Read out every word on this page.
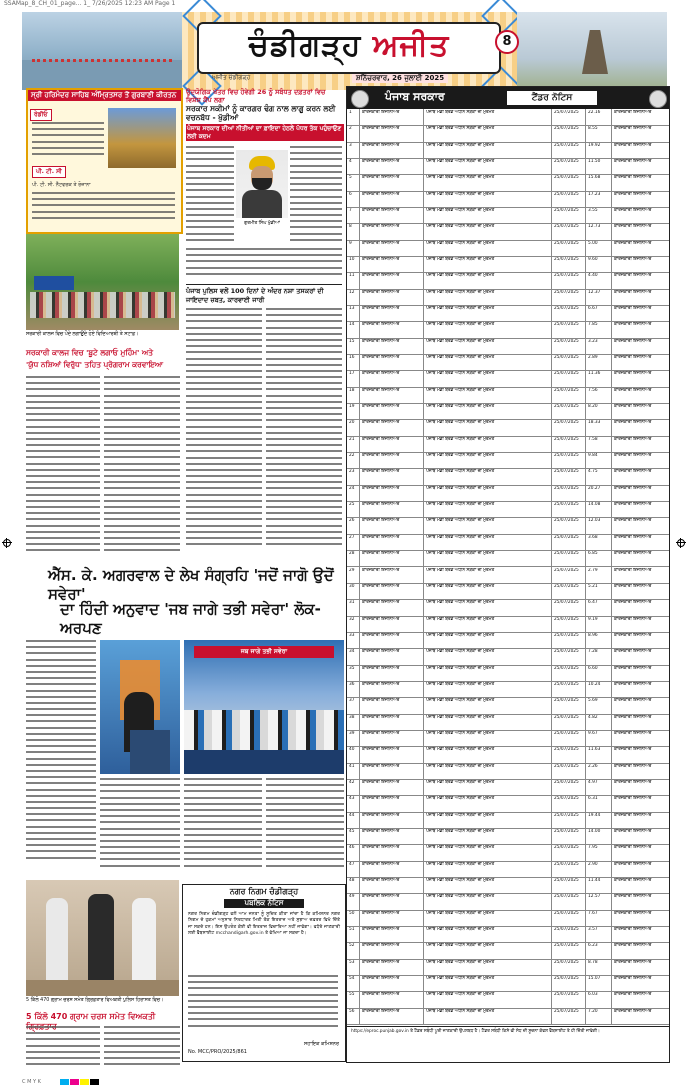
SSAMap_8_CH_01_page... 1_ 7/26/2025 12:23 AM Page 1
ਚੰਡੀਗੜ੍ਹ ਅਜੀਤ
ਅਜੀਤ ਚੰਡੀਗੜ੍ਹ	ਸ਼ਨਿੱਚਰਵਾਰ, 26 ਜੁਲਾਈ 2025
8
ਸ੍ਰੀ ਹਰਿਮੰਦਰ ਸਾਹਿਬ ਅੰਮ੍ਰਿਤਸਰ ਤੋਂ ਗੁਰਬਾਣੀ ਕੀਰਤਨ
ਰੇਡੀਓ
ਪੀ. ਟੀ. ਸੀ
ਪੀ. ਟੀ. ਸੀ. ਨੈੱਟਵਰਕ ਤੇ ਰੋਜ਼ਾਨਾ
ਉਦਯੋਗਿਕ ਖੇਤਰ ਵਿਚ ਹੋਵੇਗੀ 26 ਨੂੰ ਸਬੰਧਤ ਦਫ਼ਤਰਾਂ ਵਿਚ ਵਿਸ਼ੇਸ਼ ਕੈਂਪ ਲਗਾ
ਸਰਕਾਰ ਸਕੀਮਾਂ ਨੂੰ ਕਾਰਗਰ ਢੰਗ ਨਾਲ ਲਾਗੂ ਕਰਨ ਲਈ ਵਚਨਬੱਧ - ਖੁੱਡੀਆਂ
ਪੰਜਾਬ ਸਰਕਾਰ ਦੀਆਂ ਨੀਤੀਆਂ ਦਾ ਫ਼ਾਇਦਾ ਹੇਠਲੇ ਪੱਧਰ ਤੱਕ ਪਹੁੰਚਾਉਣ ਲਈ ਕਦਮ
ਗੁਰਮੀਤ ਸਿੰਘ ਖੁੱਡੀਆਂ
ਪੰਜਾਬ ਪੁਲਿਸ ਵਲੋਂ 100 ਦਿਨਾਂ ਦੇ ਅੰਦਰ ਨਸ਼ਾ ਤਸਕਰਾਂ ਦੀ ਜਾਇਦਾਦ ਜ਼ਬਤ, ਕਾਰਵਾਈ ਜਾਰੀ
ਸਰਕਾਰੀ ਕਾਲਜ ਵਿਚ ਪੌਦੇ ਲਗਾਉਂਦੇ ਹੋਏ ਵਿਦਿਆਰਥੀ ਤੇ ਸਟਾਫ਼।
ਸਰਕਾਰੀ ਕਾਲਜ ਵਿਚ 'ਬੂਟੇ ਲਗਾਓ ਮੁਹਿੰਮ' ਅਤੇ
'ਯੁੱਧ ਨਸ਼ਿਆਂ ਵਿਰੁੱਧ' ਤਹਿਤ ਪ੍ਰੋਗਰਾਮ ਕਰਵਾਇਆ
ਐੱਸ. ਕੇ. ਅਗਰਵਾਲ ਦੇ ਲੇਖ ਸੰਗ੍ਰਹਿ 'ਜਦੋਂ ਜਾਗੋ ਉਦੋਂ ਸਵੇਰਾ'
ਦਾ ਹਿੰਦੀ ਅਨੁਵਾਦ 'ਜਬ ਜਾਗੇ ਤਭੀ ਸਵੇਰਾ' ਲੋਕ-ਅਰਪਣ
ਜਬ ਜਾਗੇ ਤਭੀ ਸਵੇਰਾ
5 ਕਿੱਲੋ 470 ਗ੍ਰਾਮ ਚਰਸ ਸਮੇਤ ਗ੍ਰਿਫ਼ਤਾਰ ਵਿਅਕਤੀ ਪੁਲਿਸ ਹਿਰਾਸਤ ਵਿਚ।
5 ਕਿੱਲੋ 470 ਗ੍ਰਾਮ ਚਰਸ ਸਮੇਤ ਵਿਅਕਤੀ
ਨਗਰ ਨਿਗਮ ਚੰਡੀਗੜ੍ਹ
ਪਬਲਿਕ ਨੋਟਿਸ
ਨਗਰ ਨਿਗਮ ਚੰਡੀਗੜ੍ਹ ਵਲੋਂ ਆਮ ਜਨਤਾ ਨੂੰ ਸੂਚਿਤ ਕੀਤਾ ਜਾਂਦਾ ਹੈ ਕਿ ਕਮਿਸ਼ਨਰ ਨਗਰ ਨਿਗਮ ਦੇ ਹੁਕਮਾਂ ਅਨੁਸਾਰ ਨਿਰਧਾਰਤ ਮਿਤੀ ਤੱਕ ਇਤਰਾਜ਼ ਅਤੇ ਸੁਝਾਅ ਦਫ਼ਤਰ ਵਿਖੇ ਦਿੱਤੇ ਜਾ ਸਕਦੇ ਹਨ। ਇਸ ਉਪਰੰਤ ਕੋਈ ਵੀ ਇਤਰਾਜ਼ ਵਿਚਾਰਿਆ ਨਹੀਂ ਜਾਵੇਗਾ। ਵਧੇਰੇ ਜਾਣਕਾਰੀ ਲਈ ਵੈੱਬਸਾਈਟ mcchandigarh.gov.in ਤੇ ਵੇਖਿਆ ਜਾ ਸਕਦਾ ਹੈ।
No. MCC/PRO/2025/861
ਸਹਾਇਕ ਕਮਿਸ਼ਨਰ
ਪੰਜਾਬ ਸਰਕਾਰ	ਟੈਂਡਰ ਨੋਟਿਸ
1	ਕਾਰਜਕਾਰੀ ਇੰਜੀਨੀਅਰ	ਪੰਜਾਬ ਮੰਡੀ ਬੋਰਡ ਅਧੀਨ ਸੜਕਾਂ ਦੀ ਮੁਰੰਮਤ	25/07/2025	22.16	ਕਾਰਜਕਾਰੀ ਇੰਜੀਨੀਅਰ
2	ਕਾਰਜਕਾਰੀ ਇੰਜੀਨੀਅਰ	ਪੰਜਾਬ ਮੰਡੀ ਬੋਰਡ ਅਧੀਨ ਸੜਕਾਂ ਦੀ ਮੁਰੰਮਤ	25/07/2025	8.55	ਕਾਰਜਕਾਰੀ ਇੰਜੀਨੀਅਰ
3	ਕਾਰਜਕਾਰੀ ਇੰਜੀਨੀਅਰ	ਪੰਜਾਬ ਮੰਡੀ ਬੋਰਡ ਅਧੀਨ ਸੜਕਾਂ ਦੀ ਮੁਰੰਮਤ	25/07/2025	19.92	ਕਾਰਜਕਾਰੀ ਇੰਜੀਨੀਅਰ
4	ਕਾਰਜਕਾਰੀ ਇੰਜੀਨੀਅਰ	ਪੰਜਾਬ ਮੰਡੀ ਬੋਰਡ ਅਧੀਨ ਸੜਕਾਂ ਦੀ ਮੁਰੰਮਤ	25/07/2025	11.50	ਕਾਰਜਕਾਰੀ ਇੰਜੀਨੀਅਰ
5	ਕਾਰਜਕਾਰੀ ਇੰਜੀਨੀਅਰ	ਪੰਜਾਬ ਮੰਡੀ ਬੋਰਡ ਅਧੀਨ ਸੜਕਾਂ ਦੀ ਮੁਰੰਮਤ	25/07/2025	15.68	ਕਾਰਜਕਾਰੀ ਇੰਜੀਨੀਅਰ
6	ਕਾਰਜਕਾਰੀ ਇੰਜੀਨੀਅਰ	ਪੰਜਾਬ ਮੰਡੀ ਬੋਰਡ ਅਧੀਨ ਸੜਕਾਂ ਦੀ ਮੁਰੰਮਤ	25/07/2025	17.23	ਕਾਰਜਕਾਰੀ ਇੰਜੀਨੀਅਰ
7	ਕਾਰਜਕਾਰੀ ਇੰਜੀਨੀਅਰ	ਪੰਜਾਬ ਮੰਡੀ ਬੋਰਡ ਅਧੀਨ ਸੜਕਾਂ ਦੀ ਮੁਰੰਮਤ	25/07/2025	3.55	ਕਾਰਜਕਾਰੀ ਇੰਜੀਨੀਅਰ
8	ਕਾਰਜਕਾਰੀ ਇੰਜੀਨੀਅਰ	ਪੰਜਾਬ ਮੰਡੀ ਬੋਰਡ ਅਧੀਨ ਸੜਕਾਂ ਦੀ ਮੁਰੰਮਤ	25/07/2025	12.73	ਕਾਰਜਕਾਰੀ ਇੰਜੀਨੀਅਰ
9	ਕਾਰਜਕਾਰੀ ਇੰਜੀਨੀਅਰ	ਪੰਜਾਬ ਮੰਡੀ ਬੋਰਡ ਅਧੀਨ ਸੜਕਾਂ ਦੀ ਮੁਰੰਮਤ	25/07/2025	5.00	ਕਾਰਜਕਾਰੀ ਇੰਜੀਨੀਅਰ
10	ਕਾਰਜਕਾਰੀ ਇੰਜੀਨੀਅਰ	ਪੰਜਾਬ ਮੰਡੀ ਬੋਰਡ ਅਧੀਨ ਸੜਕਾਂ ਦੀ ਮੁਰੰਮਤ	25/07/2025	9.60	ਕਾਰਜਕਾਰੀ ਇੰਜੀਨੀਅਰ
11	ਕਾਰਜਕਾਰੀ ਇੰਜੀਨੀਅਰ	ਪੰਜਾਬ ਮੰਡੀ ਬੋਰਡ ਅਧੀਨ ਸੜਕਾਂ ਦੀ ਮੁਰੰਮਤ	25/07/2025	4.40	ਕਾਰਜਕਾਰੀ ਇੰਜੀਨੀਅਰ
12	ਕਾਰਜਕਾਰੀ ਇੰਜੀਨੀਅਰ	ਪੰਜਾਬ ਮੰਡੀ ਬੋਰਡ ਅਧੀਨ ਸੜਕਾਂ ਦੀ ਮੁਰੰਮਤ	25/07/2025	12.37	ਕਾਰਜਕਾਰੀ ਇੰਜੀਨੀਅਰ
13	ਕਾਰਜਕਾਰੀ ਇੰਜੀਨੀਅਰ	ਪੰਜਾਬ ਮੰਡੀ ਬੋਰਡ ਅਧੀਨ ਸੜਕਾਂ ਦੀ ਮੁਰੰਮਤ	25/07/2025	6.67	ਕਾਰਜਕਾਰੀ ਇੰਜੀਨੀਅਰ
14	ਕਾਰਜਕਾਰੀ ਇੰਜੀਨੀਅਰ	ਪੰਜਾਬ ਮੰਡੀ ਬੋਰਡ ਅਧੀਨ ਸੜਕਾਂ ਦੀ ਮੁਰੰਮਤ	25/07/2025	7.85	ਕਾਰਜਕਾਰੀ ਇੰਜੀਨੀਅਰ
15	ਕਾਰਜਕਾਰੀ ਇੰਜੀਨੀਅਰ	ਪੰਜਾਬ ਮੰਡੀ ਬੋਰਡ ਅਧੀਨ ਸੜਕਾਂ ਦੀ ਮੁਰੰਮਤ	25/07/2025	3.23	ਕਾਰਜਕਾਰੀ ਇੰਜੀਨੀਅਰ
16	ਕਾਰਜਕਾਰੀ ਇੰਜੀਨੀਅਰ	ਪੰਜਾਬ ਮੰਡੀ ਬੋਰਡ ਅਧੀਨ ਸੜਕਾਂ ਦੀ ਮੁਰੰਮਤ	25/07/2025	2.89	ਕਾਰਜਕਾਰੀ ਇੰਜੀਨੀਅਰ
17	ਕਾਰਜਕਾਰੀ ਇੰਜੀਨੀਅਰ	ਪੰਜਾਬ ਮੰਡੀ ਬੋਰਡ ਅਧੀਨ ਸੜਕਾਂ ਦੀ ਮੁਰੰਮਤ	25/07/2025	11.36	ਕਾਰਜਕਾਰੀ ਇੰਜੀਨੀਅਰ
18	ਕਾਰਜਕਾਰੀ ਇੰਜੀਨੀਅਰ	ਪੰਜਾਬ ਮੰਡੀ ਬੋਰਡ ਅਧੀਨ ਸੜਕਾਂ ਦੀ ਮੁਰੰਮਤ	25/07/2025	7.56	ਕਾਰਜਕਾਰੀ ਇੰਜੀਨੀਅਰ
19	ਕਾਰਜਕਾਰੀ ਇੰਜੀਨੀਅਰ	ਪੰਜਾਬ ਮੰਡੀ ਬੋਰਡ ਅਧੀਨ ਸੜਕਾਂ ਦੀ ਮੁਰੰਮਤ	25/07/2025	8.20	ਕਾਰਜਕਾਰੀ ਇੰਜੀਨੀਅਰ
20	ਕਾਰਜਕਾਰੀ ਇੰਜੀਨੀਅਰ	ਪੰਜਾਬ ਮੰਡੀ ਬੋਰਡ ਅਧੀਨ ਸੜਕਾਂ ਦੀ ਮੁਰੰਮਤ	25/07/2025	18.33	ਕਾਰਜਕਾਰੀ ਇੰਜੀਨੀਅਰ
21	ਕਾਰਜਕਾਰੀ ਇੰਜੀਨੀਅਰ	ਪੰਜਾਬ ਮੰਡੀ ਬੋਰਡ ਅਧੀਨ ਸੜਕਾਂ ਦੀ ਮੁਰੰਮਤ	25/07/2025	7.58	ਕਾਰਜਕਾਰੀ ਇੰਜੀਨੀਅਰ
22	ਕਾਰਜਕਾਰੀ ਇੰਜੀਨੀਅਰ	ਪੰਜਾਬ ਮੰਡੀ ਬੋਰਡ ਅਧੀਨ ਸੜਕਾਂ ਦੀ ਮੁਰੰਮਤ	25/07/2025	9.84	ਕਾਰਜਕਾਰੀ ਇੰਜੀਨੀਅਰ
23	ਕਾਰਜਕਾਰੀ ਇੰਜੀਨੀਅਰ	ਪੰਜਾਬ ਮੰਡੀ ਬੋਰਡ ਅਧੀਨ ਸੜਕਾਂ ਦੀ ਮੁਰੰਮਤ	25/07/2025	4.75	ਕਾਰਜਕਾਰੀ ਇੰਜੀਨੀਅਰ
24	ਕਾਰਜਕਾਰੀ ਇੰਜੀਨੀਅਰ	ਪੰਜਾਬ ਮੰਡੀ ਬੋਰਡ ਅਧੀਨ ਸੜਕਾਂ ਦੀ ਮੁਰੰਮਤ	25/07/2025	20.27	ਕਾਰਜਕਾਰੀ ਇੰਜੀਨੀਅਰ
25	ਕਾਰਜਕਾਰੀ ਇੰਜੀਨੀਅਰ	ਪੰਜਾਬ ਮੰਡੀ ਬੋਰਡ ਅਧੀਨ ਸੜਕਾਂ ਦੀ ਮੁਰੰਮਤ	25/07/2025	14.08	ਕਾਰਜਕਾਰੀ ਇੰਜੀਨੀਅਰ
26	ਕਾਰਜਕਾਰੀ ਇੰਜੀਨੀਅਰ	ਪੰਜਾਬ ਮੰਡੀ ਬੋਰਡ ਅਧੀਨ ਸੜਕਾਂ ਦੀ ਮੁਰੰਮਤ	25/07/2025	12.03	ਕਾਰਜਕਾਰੀ ਇੰਜੀਨੀਅਰ
27	ਕਾਰਜਕਾਰੀ ਇੰਜੀਨੀਅਰ	ਪੰਜਾਬ ਮੰਡੀ ਬੋਰਡ ਅਧੀਨ ਸੜਕਾਂ ਦੀ ਮੁਰੰਮਤ	25/07/2025	3.68	ਕਾਰਜਕਾਰੀ ਇੰਜੀਨੀਅਰ
28	ਕਾਰਜਕਾਰੀ ਇੰਜੀਨੀਅਰ	ਪੰਜਾਬ ਮੰਡੀ ਬੋਰਡ ਅਧੀਨ ਸੜਕਾਂ ਦੀ ਮੁਰੰਮਤ	25/07/2025	6.85	ਕਾਰਜਕਾਰੀ ਇੰਜੀਨੀਅਰ
29	ਕਾਰਜਕਾਰੀ ਇੰਜੀਨੀਅਰ	ਪੰਜਾਬ ਮੰਡੀ ਬੋਰਡ ਅਧੀਨ ਸੜਕਾਂ ਦੀ ਮੁਰੰਮਤ	25/07/2025	2.79	ਕਾਰਜਕਾਰੀ ਇੰਜੀਨੀਅਰ
30	ਕਾਰਜਕਾਰੀ ਇੰਜੀਨੀਅਰ	ਪੰਜਾਬ ਮੰਡੀ ਬੋਰਡ ਅਧੀਨ ਸੜਕਾਂ ਦੀ ਮੁਰੰਮਤ	25/07/2025	5.21	ਕਾਰਜਕਾਰੀ ਇੰਜੀਨੀਅਰ
31	ਕਾਰਜਕਾਰੀ ਇੰਜੀਨੀਅਰ	ਪੰਜਾਬ ਮੰਡੀ ਬੋਰਡ ਅਧੀਨ ਸੜਕਾਂ ਦੀ ਮੁਰੰਮਤ	25/07/2025	6.47	ਕਾਰਜਕਾਰੀ ਇੰਜੀਨੀਅਰ
32	ਕਾਰਜਕਾਰੀ ਇੰਜੀਨੀਅਰ	ਪੰਜਾਬ ਮੰਡੀ ਬੋਰਡ ਅਧੀਨ ਸੜਕਾਂ ਦੀ ਮੁਰੰਮਤ	25/07/2025	9.19	ਕਾਰਜਕਾਰੀ ਇੰਜੀਨੀਅਰ
33	ਕਾਰਜਕਾਰੀ ਇੰਜੀਨੀਅਰ	ਪੰਜਾਬ ਮੰਡੀ ਬੋਰਡ ਅਧੀਨ ਸੜਕਾਂ ਦੀ ਮੁਰੰਮਤ	25/07/2025	8.96	ਕਾਰਜਕਾਰੀ ਇੰਜੀਨੀਅਰ
34	ਕਾਰਜਕਾਰੀ ਇੰਜੀਨੀਅਰ	ਪੰਜਾਬ ਮੰਡੀ ਬੋਰਡ ਅਧੀਨ ਸੜਕਾਂ ਦੀ ਮੁਰੰਮਤ	25/07/2025	7.28	ਕਾਰਜਕਾਰੀ ਇੰਜੀਨੀਅਰ
35	ਕਾਰਜਕਾਰੀ ਇੰਜੀਨੀਅਰ	ਪੰਜਾਬ ਮੰਡੀ ਬੋਰਡ ਅਧੀਨ ਸੜਕਾਂ ਦੀ ਮੁਰੰਮਤ	25/07/2025	6.60	ਕਾਰਜਕਾਰੀ ਇੰਜੀਨੀਅਰ
36	ਕਾਰਜਕਾਰੀ ਇੰਜੀਨੀਅਰ	ਪੰਜਾਬ ਮੰਡੀ ਬੋਰਡ ਅਧੀਨ ਸੜਕਾਂ ਦੀ ਮੁਰੰਮਤ	25/07/2025	10.24	ਕਾਰਜਕਾਰੀ ਇੰਜੀਨੀਅਰ
37	ਕਾਰਜਕਾਰੀ ਇੰਜੀਨੀਅਰ	ਪੰਜਾਬ ਮੰਡੀ ਬੋਰਡ ਅਧੀਨ ਸੜਕਾਂ ਦੀ ਮੁਰੰਮਤ	25/07/2025	5.69	ਕਾਰਜਕਾਰੀ ਇੰਜੀਨੀਅਰ
38	ਕਾਰਜਕਾਰੀ ਇੰਜੀਨੀਅਰ	ਪੰਜਾਬ ਮੰਡੀ ਬੋਰਡ ਅਧੀਨ ਸੜਕਾਂ ਦੀ ਮੁਰੰਮਤ	25/07/2025	4.82	ਕਾਰਜਕਾਰੀ ਇੰਜੀਨੀਅਰ
39	ਕਾਰਜਕਾਰੀ ਇੰਜੀਨੀਅਰ	ਪੰਜਾਬ ਮੰਡੀ ਬੋਰਡ ਅਧੀਨ ਸੜਕਾਂ ਦੀ ਮੁਰੰਮਤ	25/07/2025	9.67	ਕਾਰਜਕਾਰੀ ਇੰਜੀਨੀਅਰ
40	ਕਾਰਜਕਾਰੀ ਇੰਜੀਨੀਅਰ	ਪੰਜਾਬ ਮੰਡੀ ਬੋਰਡ ਅਧੀਨ ਸੜਕਾਂ ਦੀ ਮੁਰੰਮਤ	25/07/2025	11.63	ਕਾਰਜਕਾਰੀ ਇੰਜੀਨੀਅਰ
41	ਕਾਰਜਕਾਰੀ ਇੰਜੀਨੀਅਰ	ਪੰਜਾਬ ਮੰਡੀ ਬੋਰਡ ਅਧੀਨ ਸੜਕਾਂ ਦੀ ਮੁਰੰਮਤ	25/07/2025	2.26	ਕਾਰਜਕਾਰੀ ਇੰਜੀਨੀਅਰ
42	ਕਾਰਜਕਾਰੀ ਇੰਜੀਨੀਅਰ	ਪੰਜਾਬ ਮੰਡੀ ਬੋਰਡ ਅਧੀਨ ਸੜਕਾਂ ਦੀ ਮੁਰੰਮਤ	25/07/2025	4.97	ਕਾਰਜਕਾਰੀ ਇੰਜੀਨੀਅਰ
43	ਕਾਰਜਕਾਰੀ ਇੰਜੀਨੀਅਰ	ਪੰਜਾਬ ਮੰਡੀ ਬੋਰਡ ਅਧੀਨ ਸੜਕਾਂ ਦੀ ਮੁਰੰਮਤ	25/07/2025	6.31	ਕਾਰਜਕਾਰੀ ਇੰਜੀਨੀਅਰ
44	ਕਾਰਜਕਾਰੀ ਇੰਜੀਨੀਅਰ	ਪੰਜਾਬ ਮੰਡੀ ਬੋਰਡ ਅਧੀਨ ਸੜਕਾਂ ਦੀ ਮੁਰੰਮਤ	25/07/2025	19.44	ਕਾਰਜਕਾਰੀ ਇੰਜੀਨੀਅਰ
45	ਕਾਰਜਕਾਰੀ ਇੰਜੀਨੀਅਰ	ਪੰਜਾਬ ਮੰਡੀ ਬੋਰਡ ਅਧੀਨ ਸੜਕਾਂ ਦੀ ਮੁਰੰਮਤ	25/07/2025	14.00	ਕਾਰਜਕਾਰੀ ਇੰਜੀਨੀਅਰ
46	ਕਾਰਜਕਾਰੀ ਇੰਜੀਨੀਅਰ	ਪੰਜਾਬ ਮੰਡੀ ਬੋਰਡ ਅਧੀਨ ਸੜਕਾਂ ਦੀ ਮੁਰੰਮਤ	25/07/2025	7.95	ਕਾਰਜਕਾਰੀ ਇੰਜੀਨੀਅਰ
47	ਕਾਰਜਕਾਰੀ ਇੰਜੀਨੀਅਰ	ਪੰਜਾਬ ਮੰਡੀ ਬੋਰਡ ਅਧੀਨ ਸੜਕਾਂ ਦੀ ਮੁਰੰਮਤ	25/07/2025	2.90	ਕਾਰਜਕਾਰੀ ਇੰਜੀਨੀਅਰ
48	ਕਾਰਜਕਾਰੀ ਇੰਜੀਨੀਅਰ	ਪੰਜਾਬ ਮੰਡੀ ਬੋਰਡ ਅਧੀਨ ਸੜਕਾਂ ਦੀ ਮੁਰੰਮਤ	25/07/2025	11.44	ਕਾਰਜਕਾਰੀ ਇੰਜੀਨੀਅਰ
49	ਕਾਰਜਕਾਰੀ ਇੰਜੀਨੀਅਰ	ਪੰਜਾਬ ਮੰਡੀ ਬੋਰਡ ਅਧੀਨ ਸੜਕਾਂ ਦੀ ਮੁਰੰਮਤ	25/07/2025	12.57	ਕਾਰਜਕਾਰੀ ਇੰਜੀਨੀਅਰ
50	ਕਾਰਜਕਾਰੀ ਇੰਜੀਨੀਅਰ	ਪੰਜਾਬ ਮੰਡੀ ਬੋਰਡ ਅਧੀਨ ਸੜਕਾਂ ਦੀ ਮੁਰੰਮਤ	25/07/2025	7.67	ਕਾਰਜਕਾਰੀ ਇੰਜੀਨੀਅਰ
51	ਕਾਰਜਕਾਰੀ ਇੰਜੀਨੀਅਰ	ਪੰਜਾਬ ਮੰਡੀ ਬੋਰਡ ਅਧੀਨ ਸੜਕਾਂ ਦੀ ਮੁਰੰਮਤ	25/07/2025	3.57	ਕਾਰਜਕਾਰੀ ਇੰਜੀਨੀਅਰ
52	ਕਾਰਜਕਾਰੀ ਇੰਜੀਨੀਅਰ	ਪੰਜਾਬ ਮੰਡੀ ਬੋਰਡ ਅਧੀਨ ਸੜਕਾਂ ਦੀ ਮੁਰੰਮਤ	25/07/2025	6.23	ਕਾਰਜਕਾਰੀ ਇੰਜੀਨੀਅਰ
53	ਕਾਰਜਕਾਰੀ ਇੰਜੀਨੀਅਰ	ਪੰਜਾਬ ਮੰਡੀ ਬੋਰਡ ਅਧੀਨ ਸੜਕਾਂ ਦੀ ਮੁਰੰਮਤ	25/07/2025	8.78	ਕਾਰਜਕਾਰੀ ਇੰਜੀਨੀਅਰ
54	ਕਾਰਜਕਾਰੀ ਇੰਜੀਨੀਅਰ	ਪੰਜਾਬ ਮੰਡੀ ਬੋਰਡ ਅਧੀਨ ਸੜਕਾਂ ਦੀ ਮੁਰੰਮਤ	25/07/2025	15.07	ਕਾਰਜਕਾਰੀ ਇੰਜੀਨੀਅਰ
55	ਕਾਰਜਕਾਰੀ ਇੰਜੀਨੀਅਰ	ਪੰਜਾਬ ਮੰਡੀ ਬੋਰਡ ਅਧੀਨ ਸੜਕਾਂ ਦੀ ਮੁਰੰਮਤ	25/07/2025	6.03	ਕਾਰਜਕਾਰੀ ਇੰਜੀਨੀਅਰ
56	ਕਾਰਜਕਾਰੀ ਇੰਜੀਨੀਅਰ	ਪੰਜਾਬ ਮੰਡੀ ਬੋਰਡ ਅਧੀਨ ਸੜਕਾਂ ਦੀ ਮੁਰੰਮਤ	25/07/2025	7.20	ਕਾਰਜਕਾਰੀ ਇੰਜੀਨੀਅਰ
https://eproc.punjab.gov.in ਤੇ ਟੈਂਡਰ ਸਬੰਧੀ ਪੂਰੀ ਜਾਣਕਾਰੀ ਉਪਲਬਧ ਹੈ। ਟੈਂਡਰ ਸਬੰਧੀ ਕਿਸੇ ਵੀ ਸੋਧ ਦੀ ਸੂਚਨਾ ਕੇਵਲ ਵੈੱਬਸਾਈਟ ਤੇ ਹੀ ਦਿੱਤੀ ਜਾਵੇਗੀ।
C M Y K
